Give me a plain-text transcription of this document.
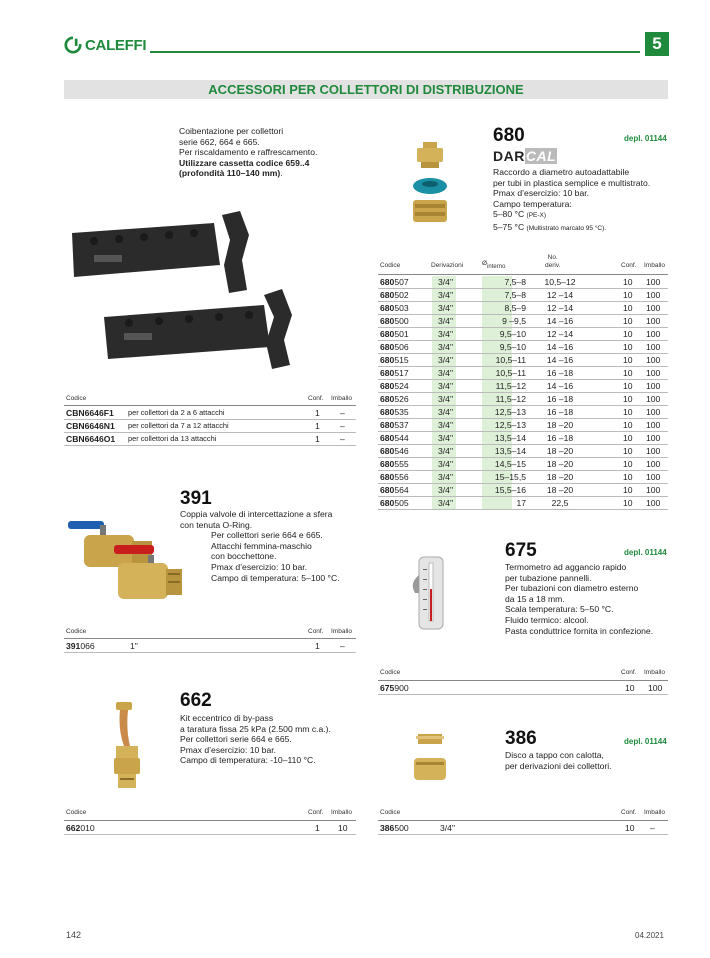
CALEFFI	5
ACCESSORI PER COLLETTORI DI DISTRIBUZIONE
Coibentazione per collettori
serie 662, 664 e 665.
Per riscaldamento e raffrescamento.
Utilizzare cassetta codice 659..4
(profondità 110–140 mm).
Codice	Conf. Imballo
CBN6646F1 per collettori da 2 a 6 attacchi	1 –
CBN6646N1 per collettori da 7 a 12 attacchi	1 –
CBN6646O1 per collettori da 13 attacchi	1 –
680	depl. 01144
DARCAL
Raccordo a diametro autoadattabile
per tubi in plastica semplice e multistrato.
Pmax d’esercizio: 10 bar.
Campo temperatura:
5–80 °C (PE-X)
5–75 °C (Multistrato marcato 95 °C).
Codice	Derivazioni	Øinterno
No.
deriv.	Conf. Imballo
680507	3/4"	7,5–8	10,5–12	10 100
680502	3/4"	7,5–8	12 –14	10 100
680503	3/4"	8,5–9	12 –14	10 100
680500	3/4"	9 –9,5	14 –16	10 100
680501	3/4"	9,5–10	12 –14	10 100
680506	3/4"	9,5–10	14 –16	10 100
680515	3/4"	10,5–11	14 –16	10 100
680517	3/4"	10,5–11	16 –18	10 100
680524	3/4"	11,5–12	14 –16	10 100
680526	3/4"	11,5–12	16 –18	10 100
680535	3/4"	12,5–13	16 –18	10 100
680537	3/4"	12,5–13	18 –20	10 100
680544	3/4"	13,5–14	16 –18	10 100
680546	3/4"	13,5–14	18 –20	10 100
680555	3/4"	14,5–15	18 –20	10 100
680556	3/4"	15–15,5	18 –20	10 100
680564	3/4"	15,5–16	18 –20	10 100
680505	3/4"	17	22,5	10 100
391
Coppia valvole di intercettazione a sfera
con tenuta O-Ring.
Per collettori serie 664 e 665.
Attacchi femmina-maschio
con bocchettone.
Pmax d’esercizio: 10 bar.
Campo di temperatura: 5–100 °C.
Codice	Conf. Imballo
391066	1"	1 –
675	depl. 01144
Termometro ad aggancio rapido
per tubazione pannelli.
Per tubazioni con diametro esterno
da 15 a 18 mm.
Scala temperatura: 5–50 °C.
Fluido termico: alcool.
Pasta conduttrice fornita in confezione.
Codice	Conf. Imballo
675900	10 100
662
Kit eccentrico di by-pass
a taratura fissa 25 kPa (2.500 mm c.a.).
Per collettori serie 664 e 665.
Pmax d’esercizio: 10 bar.
Campo di temperatura: -10–110 °C.
Codice	Conf. Imballo
662010	1 10
386	depl. 01144
Disco a tappo con calotta,
per derivazioni dei collettori.
Codice	Conf. Imballo
386500	3/4"	10 –
142	04.2021
